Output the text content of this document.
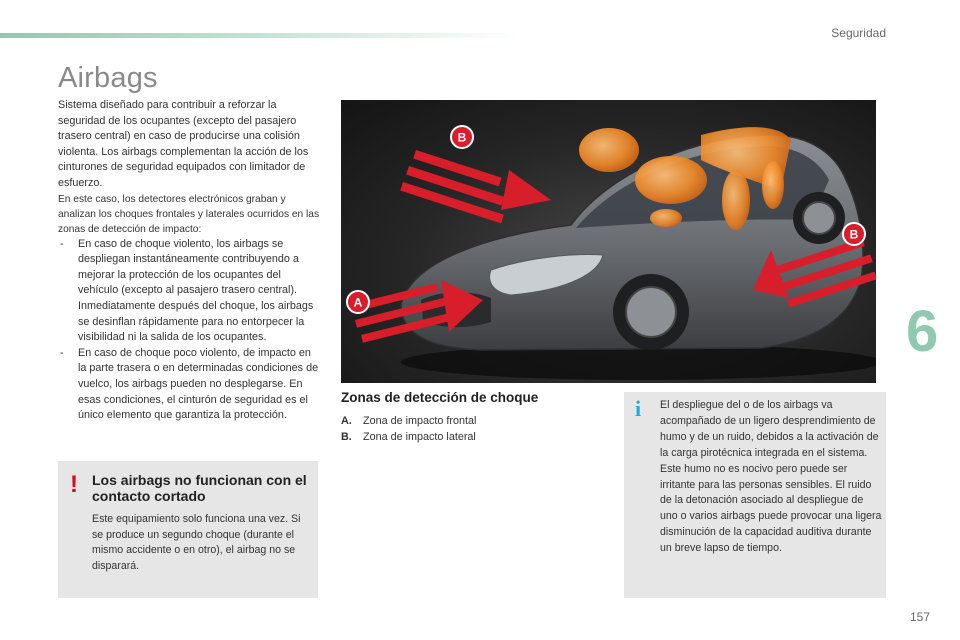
Seguridad
Airbags

Sistema diseñado para contribuir a reforzar la seguridad de los ocupantes (excepto del pasajero trasero central) en caso de producirse una colisión violenta. Los airbags complementan la acción de los cinturones de seguridad equipados con limitador de esfuerzo.

En este caso, los detectores electrónicos graban y analizan los choques frontales y laterales ocurridos en las zonas de detección de impacto:

- En caso de choque violento, los airbags se despliegan instantáneamente contribuyendo a mejorar la protección de los ocupantes del vehículo (excepto al pasajero trasero central). Inmediatamente después del choque, los airbags se desinflan rápidamente para no entorpecer la visibilidad ni la salida de los ocupantes.
- En caso de choque poco violento, de impacto en la parte trasera o en determinadas condiciones de vuelco, los airbags pueden no desplegarse. En esas condiciones, el cinturón de seguridad es el único elemento que garantiza la protección.
! Los airbags no funcionan con el contacto cortado
Este equipamiento solo funciona una vez. Si se produce un segundo choque (durante el mismo accidente o en otro), el airbag no se disparará.
B
A
B
Zonas de detección de choque
A. Zona de impacto frontal
B. Zona de impacto lateral
i El despliegue del o de los airbags va acompañado de un ligero desprendimiento de humo y de un ruido, debidos a la activación de la carga pirotécnica integrada en el sistema. Este humo no es nocivo pero puede ser irritante para las personas sensibles. El ruido de la detonación asociado al despliegue de uno o varios airbags puede provocar una ligera disminución de la capacidad auditiva durante un breve lapso de tiempo.
6
157
